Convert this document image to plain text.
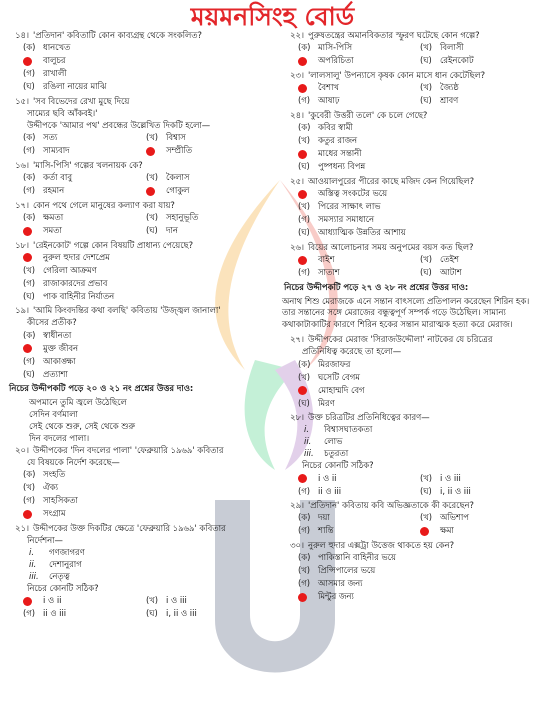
ময়মনসিংহ বোর্ড
১৪। 'প্রতিদান' কবিতাটি কোন কাব্যগ্রন্থ থেকে সংকলিত?
(ক) ধানখেত
বালুচর
(গ) রাখালী
(ঘ) রঙিলা নায়ের মাঝি
১৫। 'সব বিভেদের রেখা মুছে দিয়ে
সাম্যের ছবি আঁকবই।'
উদ্দীপকে 'আমার পথ' প্রবন্ধের উল্লেখিত দিকটি হলো—
(ক) সত্য	(খ) বিশ্বাস
(গ) সাম্যবাদ	সম্প্রীতি
১৬। 'মাসি-পিসি' গল্পের খলনায়ক কে?
(ক) কর্তা বাবু	(খ) কৈলাস
(গ) রহমান	গোকুল
১৭। কোন পথে গেলে মানুষের কল্যাণ করা যায়?
(ক) ক্ষমতা	(খ) সহানুভূতি
সমতা	(ঘ) দান
১৮। 'রেইনকোট' গল্পে কোন বিষয়টি প্রাধান্য পেয়েছে?
নুরুল হুদার দেশপ্রেম
(খ) গেরিলা আক্রমণ
(গ) রাজাকারদের প্রভাব
(ঘ) পাক বাহিনীর নির্যাতন
১৯। 'আমি কিংবদন্তির কথা বলছি' কবিতায় 'উজ্জ্বল জানালা'
কীসের প্রতীক?
(ক) স্বাধীনতা
মুক্ত জীবন
(গ) আকাঙ্ক্ষা
(ঘ) প্রত্যাশা
নিচের উদ্দীপকটি পড়ে ২০ ও ২১ নং প্রশ্নের উত্তর দাও:
অপমানে তুমি জ্বলে উঠেছিলে
সেদিন বর্ণমালা
সেই থেকে শুরু, সেই থেকে শুরু
দিন বদলের পালা।
২০। উদ্দীপকের 'দিন বদলের পালা' 'ফেব্রুয়ারি ১৯৬৯' কবিতার
যে বিষয়কে নির্দেশ করেছে—
(ক) সংহতি
(খ) ঐক্য
(গ) সাহসিকতা
সংগ্রাম
২১। উদ্দীপকের উক্ত দিকটির ক্ষেত্রে 'ফেব্রুয়ারি ১৯৬৯' কবিতার
নির্দেশনা—
i.	গণজাগরণ
ii.	দেশানুরাগ
iii.	নেতৃত্ব
নিচের কোনটি সঠিক?
i ও ii	(খ) i ও iii
(গ) ii ও iii	(ঘ) i, ii ও iii
২২। পুরুষতন্ত্রের অমানবিকতার স্ফুরণ ঘটেছে কোন গল্পে?
(ক) মাসি-পিসি	(খ) বিলাসী
অপরিচিতা	(ঘ) রেইনকোট
২৩। 'লালসালু' উপন্যাসে কৃষক কোন মাসে ধান কেটেছিল?
বৈশাখ	(খ) জ্যৈষ্ঠ
(গ) আষাঢ়	(ঘ) শ্রাবণ
২৪। 'কুবেরী উত্তরী তলে' কে চলে গেছে?
(ক) কবির স্বামী
(খ) কতুর রাজন
মাধের সন্তানী
(ঘ) পুষ্পধন্য বিপন্ন
২৫। আওয়ালপুরের পীরের কাছে মজিদ কেন গিয়েছিল?
অস্তিত্ব সংকটের ভয়ে
(খ) পিরের সাক্ষাৎ লাভ
(গ) সমস্যার সমাধানে
(ঘ) আধ্যাত্মিক উন্নতির আশায়
২৬। বিয়ের আলোচনার সময় অনুপমের বয়স কত ছিল?
বাইশ	(খ) তেইশ
(গ) সাতাশ	(ঘ) আটাশ
নিচের উদ্দীপকটি পড়ে ২৭ ও ২৮ নং প্রশ্নের উত্তর দাও:
অনাথ শিশু মেরাজকে এনে সন্তান বাৎসল্যে প্রতিপালন করেছেন শিরিন হক। তার সন্তানের সঙ্গে মেরাজের বন্ধুত্বপূর্ণ সম্পর্ক গড়ে উঠেছিল। সামান্য কথাকাটাকাটির কারণে শিরিন হকের সন্তান মারাত্মক হত্যা করে মেরাজ।
২৭। উদ্দীপকের মেরাজ 'সিরাজউদ্দৌলা' নাটকের যে চরিত্রের
প্রতিনিধিত্ব করেছে তা হলো—
(ক) মিরজাফর
(খ) ঘসেটি বেগম
মোহাম্মদি বেগ
(ঘ) মিরণ
২৮। উক্ত চরিত্রটির প্রতিনিধিত্বের কারণ—
i.	বিশ্বাসঘাতকতা
ii.	লোভ
iii.	চতুরতা
নিচের কোনটি সঠিক?
i ও ii	(খ) i ও iii
(গ) ii ও iii	(ঘ) i, ii ও iii
২৯। 'প্রতিদান' কবিতায় কবি অভিজ্ঞতাকে কী করেছেন?
(ক) দয়া	(খ) অভিশাপ
(গ) শান্তি	ক্ষমা
৩০। নুরুল হুদার এক্সট্রা উত্তেজ থাকতে হয় কেন?
(ক) পাকিস্তানি বাহিনীর ভয়ে
(খ) প্রিন্সিপালের ভয়ে
(গ) আসমার জন্য
মিন্টুর জন্য
